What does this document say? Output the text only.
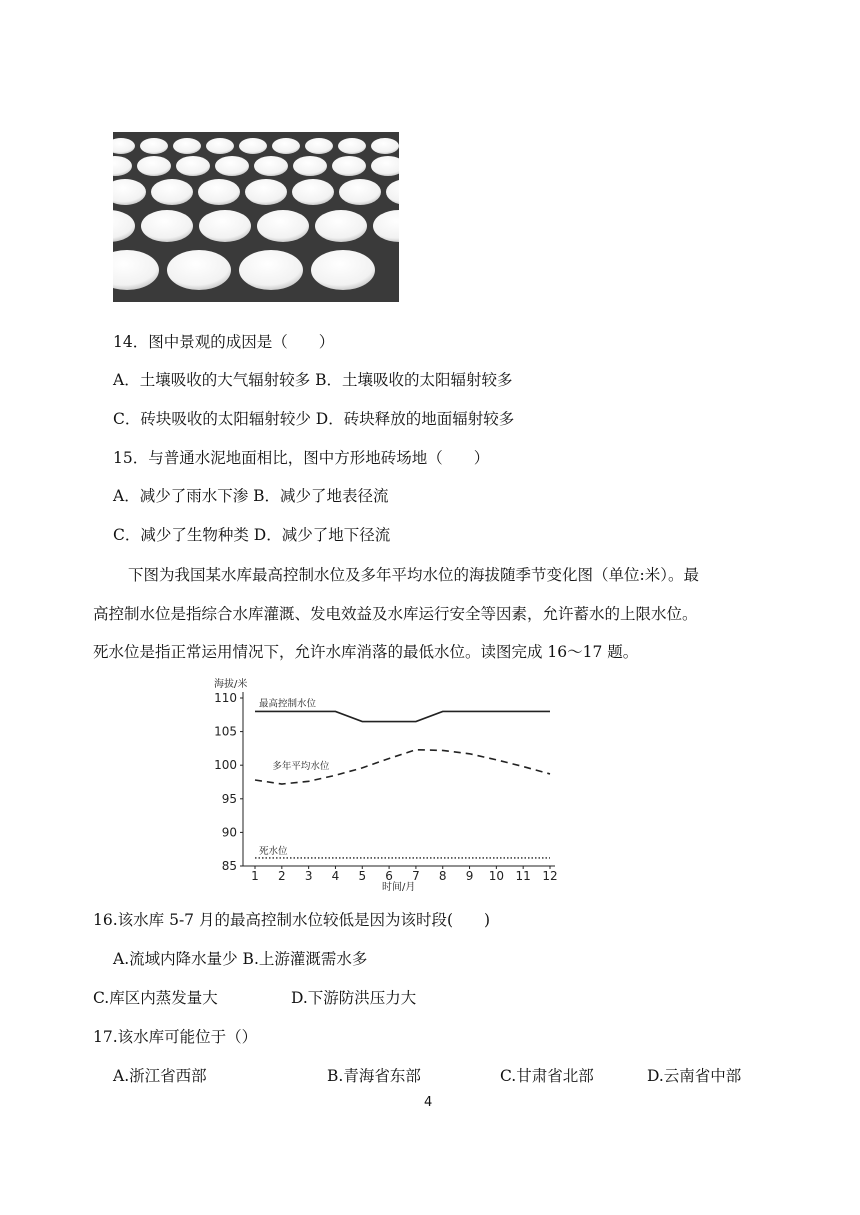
14．图中景观的成因是（　　）
A．土壤吸收的大气辐射较多 B．土壤吸收的太阳辐射较多
C．砖块吸收的太阳辐射较少 D．砖块释放的地面辐射较多
15．与普通水泥地面相比，图中方形地砖场地（　　）
A．减少了雨水下渗 B．减少了地表径流
C．减少了生物种类 D．减少了地下径流
下图为我国某水库最高控制水位及多年平均水位的海拔随季节变化图（单位:米）。最
高控制水位是指综合水库灌溉、发电效益及水库运行安全等因素，允许蓄水的上限水位。
死水位是指正常运用情况下，允许水库消落的最低水位。读图完成 16～17 题。
海拔/米
时间/月
85
90
95
100
105
110
1 2 3 4 5 6 7 8 9 10 11 12
最高控制水位
多年平均水位
死水位
16.该水库 5-7 月的最高控制水位较低是因为该时段(　　)
A.流域内降水量少 B.上游灌溉需水多
C.库区内蒸发量大	D.下游防洪压力大
17.该水库可能位于（）
A.浙江省西部	B.青海省东部	C.甘肃省北部	D.云南省中部
4
